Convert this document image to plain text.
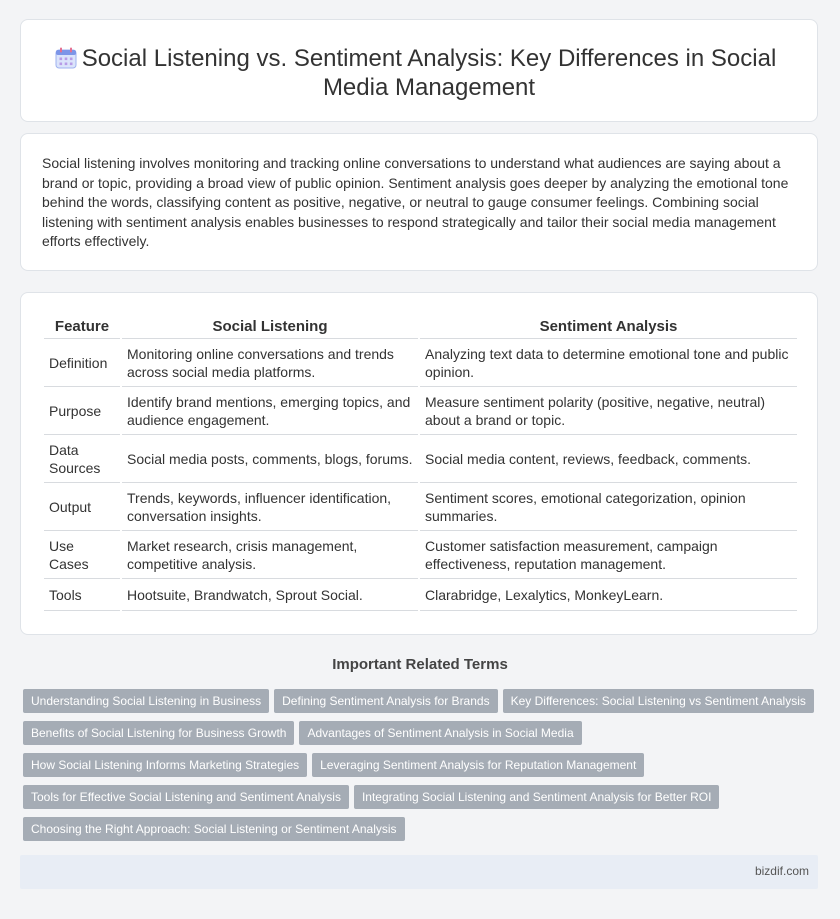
Social Listening vs. Sentiment Analysis: Key Differences in Social Media Management

Social listening involves monitoring and tracking online conversations to understand what audiences are saying about a brand or topic, providing a broad view of public opinion. Sentiment analysis goes deeper by analyzing the emotional tone behind the words, classifying content as positive, negative, or neutral to gauge consumer feelings. Combining social listening with sentiment analysis enables businesses to respond strategically and tailor their social media management efforts effectively.

Feature	Social Listening	Sentiment Analysis
Definition	Monitoring online conversations and trends across social media platforms.	Analyzing text data to determine emotional tone and public opinion.
Purpose	Identify brand mentions, emerging topics, and audience engagement.	Measure sentiment polarity (positive, negative, neutral) about a brand or topic.
Data Sources	Social media posts, comments, blogs, forums.	Social media content, reviews, feedback, comments.
Output	Trends, keywords, influencer identification, conversation insights.	Sentiment scores, emotional categorization, opinion summaries.
Use Cases	Market research, crisis management, competitive analysis.	Customer satisfaction measurement, campaign effectiveness, reputation management.
Tools	Hootsuite, Brandwatch, Sprout Social.	Clarabridge, Lexalytics, MonkeyLearn.
Important Related Terms
Understanding Social Listening in Business Defining Sentiment Analysis for Brands Key Differences: Social Listening vs Sentiment Analysis
Benefits of Social Listening for Business Growth Advantages of Sentiment Analysis in Social Media
How Social Listening Informs Marketing Strategies Leveraging Sentiment Analysis for Reputation Management
Tools for Effective Social Listening and Sentiment Analysis Integrating Social Listening and Sentiment Analysis for Better ROI
Choosing the Right Approach: Social Listening or Sentiment Analysis
bizdif.com
